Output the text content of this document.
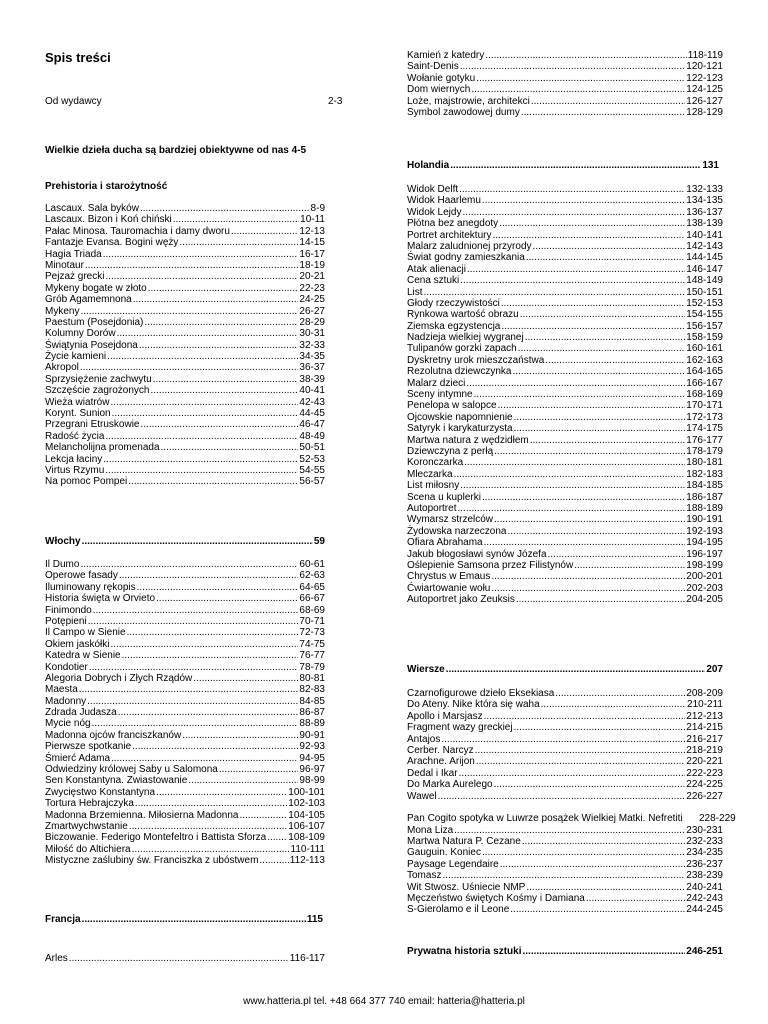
Spis treści
Od wydawcy	2-3
Wielkie dzieła ducha są bardziej obiektywne od nas 4-5
Prehistoria i starożytność
Lascaux. Sala byków .....	8-9
Lascaux. Bizon i Koń chiński .....	10-11
Pałac Minosa. Tauromachia i damy dworu .....	12-13
Fantazje Evansa. Bogini węży .....	14-15
Hagia Triada .....	16-17
Minotaur .....	18-19
Pejzaż grecki .....	20-21
Mykeny bogate w złoto .....	22-23
Grób Agamemnona .....	24-25
Mykeny .....	26-27
Paestum (Posejdonia) .....	28-29
Kolumny Dorów .....	30-31
Świątynia Posejdona .....	32-33
Życie kamieni .....	34-35
Akropol .....	36-37
Sprzysiężenie zachwytu .....	38-39
Szczęście zagrożonych .....	40-41
Wieża wiatrów .....	42-43
Korynt. Sunion .....	44-45
Przegrani Etruskowie .....	46-47
Radość życia .....	48-49
Melancholijna promenada .....	50-51
Lekcja łaciny .....	52-53
Virtus Rzymu .....	54-55
Na pomoc Pompei .....	56-57
Włochy .....	59
Il Dumo .....	60-61
Operowe fasady .....	62-63
Iluminowany rękopis .....	64-65
Historia święta w Orvieto .....	66-67
Finimondo .....	68-69
Potępieni .....	70-71
Il Campo w Sienie .....	72-73
Okiem jaskółki .....	74-75
Katedra w Sienie .....	76-77
Kondotier .....	78-79
Alegoria Dobrych i Złych Rządów .....	80-81
Maesta .....	82-83
Madonny .....	84-85
Zdrada Judasza .....	86-87
Mycie nóg .....	88-89
Madonna ojców franciszkanów .....	90-91
Pierwsze spotkanie .....	92-93
Śmierć Adama .....	94-95
Odwiedziny królowej Saby u Salomona .....	96-97
Sen Konstantyna. Zwiastowanie .....	98-99
Zwycięstwo Konstantyna .....	100-101
Tortura Hebrajczyka .....	102-103
Madonna Brzemienna. Miłosierna Madonna .....	104-105
Zmartwychwstanie .....	106-107
Biczowanie. Federigo Montefeltro i Battista Sforza ..... 108-109
Miłość do Altichiera .....	110-111
Mistyczne zaślubiny św. Franciszka z ubóstwem .....	112-113
Francja .....	115
Arles .....	116-117
Kamień z katedry .....	118-119
Saint-Denis .....	120-121
Wołanie gotyku .....	122-123
Dom wiernych .....	124-125
Loże, majstrowie, architekci .....	126-127
Symbol zawodowej dumy .....	128-129
Holandia .....	131
Widok Delft .....	132-133
Widok Haarlemu .....	134-135
Widok Lejdy .....	136-137
Płótna bez anegdoty .....	138-139
Portret architektury .....	140-141
Malarz zaludnionej przyrody .....	142-143
Świat godny zamieszkania .....	144-145
Atak alienacji .....	146-147
Cena sztuki .....	148-149
List .....	150-151
Głody rzeczywistości .....	152-153
Rynkowa wartość obrazu .....	154-155
Ziemska egzystencja .....	156-157
Nadzieja wielkiej wygranej .....	158-159
Tulipanów gorzki zapach .....	160-161
Dyskretny urok mieszczaństwa .....	162-163
Rezolutna dziewczynka .....	164-165
Malarz dzieci .....	166-167
Sceny intymne .....	168-169
Penelopa w salopce .....	170-171
Ojcowskie napomnienie .....	172-173
Satyryk i karykaturzysta .....	174-175
Martwa natura z wędzidłem .....	176-177
Dziewczyna z perłą .....	178-179
Koronczarka .....	180-181
Mleczarka .....	182-183
List miłosny .....	184-185
Scena u kuplerki .....	186-187
Autoportret .....	188-189
Wymarsz strzelców .....	190-191
Żydowska narzeczona .....	192-193
Ofiara Abrahama .....	194-195
Jakub błogosławi synów Józefa .....	196-197
Oślepienie Samsona przez Filistynów .....	198-199
Chrystus w Emaus .....	200-201
Ćwiartowanie wołu .....	202-203
Autoportret jako Zeuksis .....	204-205
Wiersze .....	207
Czarnofigurowe dzieło Eksekiasa .....	208-209
Do Ateny. Nike która się waha .....	210-211
Apollo i Marsjasz .....	212-213
Fragment wazy greckiej .....	214-215
Antajos .....	216-217
Cerber. Narcyz .....	218-219
Arachne. Arijon .....	220-221
Dedal i Ikar .....	222-223
Do Marka Aurelego .....	224-225
Wawel .....	226-227
Pan Cogito spotyka w Luwrze posążek Wielkiej Matki. Nefretiti	228-229
Mona Liza .....	230-231
Martwa Natura P. Cezane .....	232-233
Gauguin. Koniec .....	234-235
Paysage Legendaire .....	236-237
Tomasz .....	238-239
Wit Stwosz. Uśniecie NMP .....	240-241
Męczeństwo świętych Kośmy i Damiana .....	242-243
S-Gierolamo e il Leone .....	244-245
Prywatna historia sztuki .....	246-251
www.hatteria.pl tel. +48 664 377 740 email: hatteria@hatteria.pl
